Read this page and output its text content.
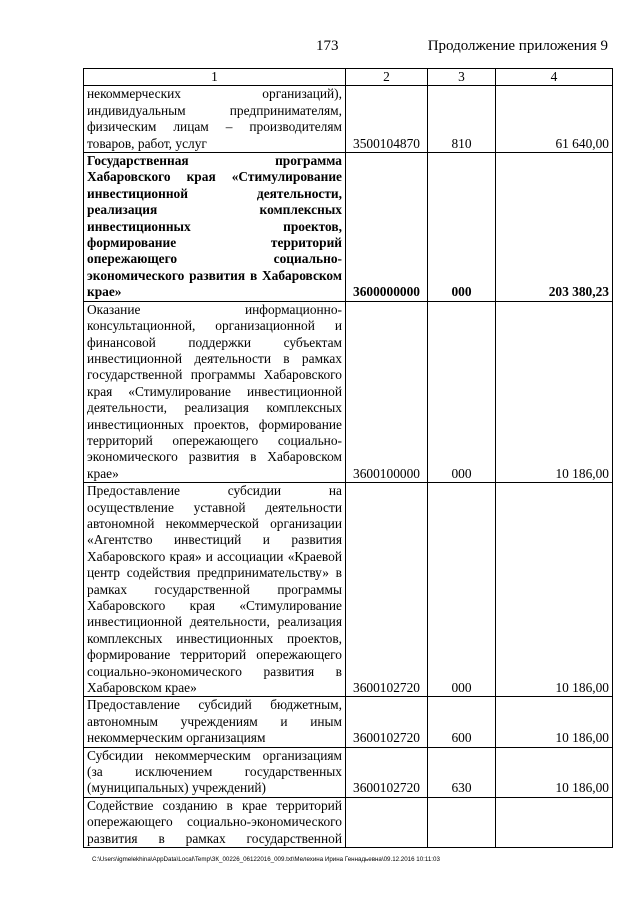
173	Продолжение приложения 9
1	2	3	4
некоммерческих организаций), индивидуальным предпринимателям, физическим лицам – производителям товаров, работ, услуг	3500104870	810	61 640,00
Государственная программа Хабаровского края «Стимулирование инвестиционной деятельности, реализация комплексных инвестиционных проектов, формирование территорий опережающего социально-экономического развития в Хабаровском крае»	3600000000	000	203 380,23
Оказание информационно-консультационной, организационной и финансовой поддержки субъектам инвестиционной деятельности в рамках государственной программы Хабаровского края «Стимулирование инвестиционной деятельности, реализация комплексных инвестиционных проектов, формирование территорий опережающего социально-экономического развития в Хабаровском крае»	3600100000	000	10 186,00
Предоставление субсидии на осуществление уставной деятельности автономной некоммерческой организации «Агентство инвестиций и развития Хабаровского края» и ассоциации «Краевой центр содействия предпринимательству» в рамках государственной программы Хабаровского края «Стимулирование инвестиционной деятельности, реализация комплексных инвестиционных проектов, формирование территорий опережающего социально-экономического развития в Хабаровском крае»	3600102720	000	10 186,00
Предоставление субсидий бюджетным, автономным учреждениям и иным некоммерческим организациям	3600102720	600	10 186,00
Субсидии некоммерческим организациям (за исключением государственных (муниципальных) учреждений)	3600102720	630	10 186,00
Содействие созданию в крае территорий опережающего социально-экономического развития в рамках государственной			
C:\Users\igmelekhina\AppData\Local\Temp\ЗК_00226_06122016_009.txt\Мелехина Ирина Геннадьевна\09.12.2016 10:11:03
